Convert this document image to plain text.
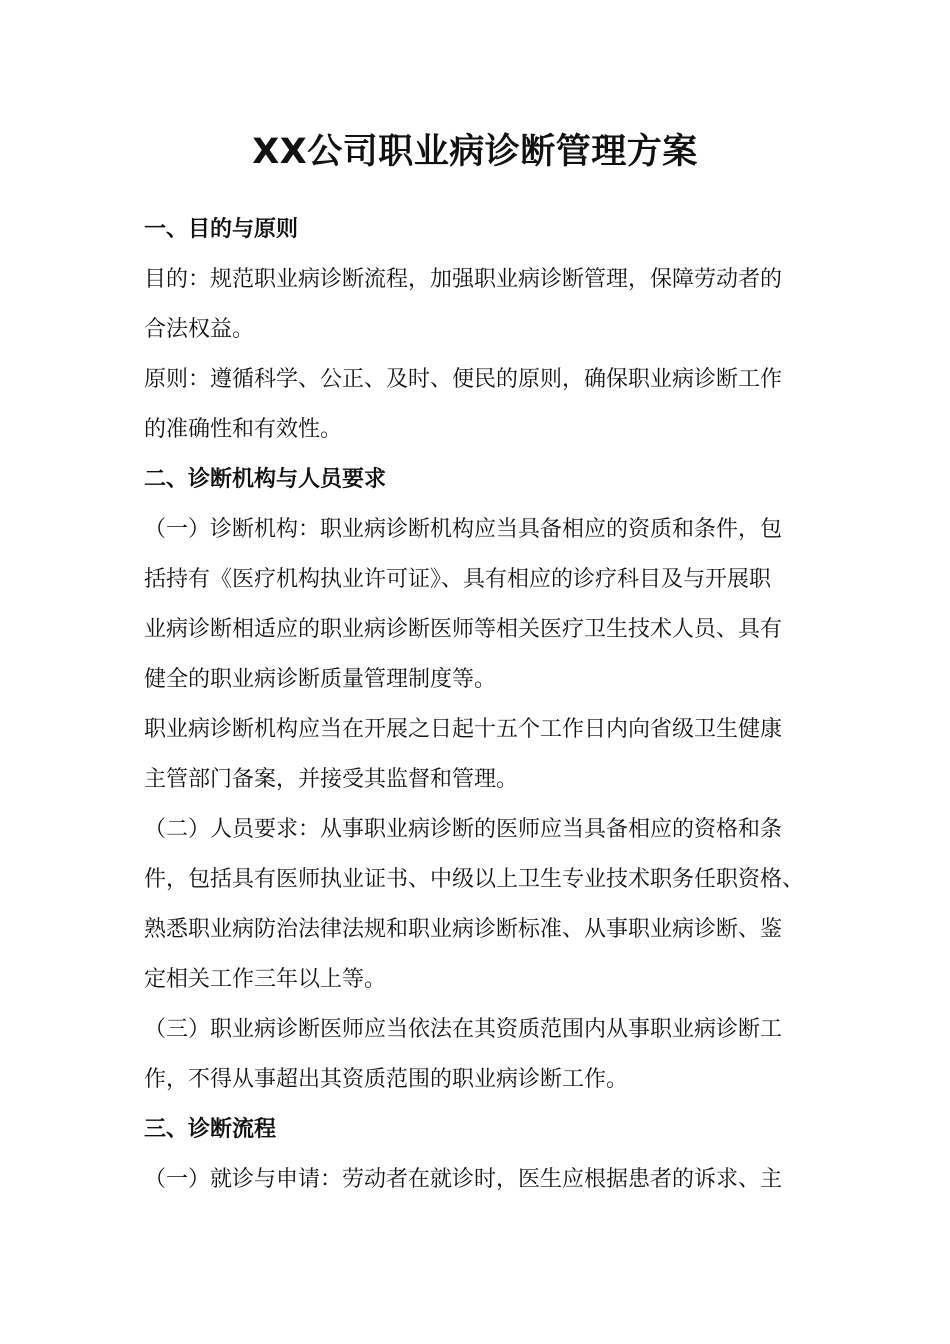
XX公司职业病诊断管理方案
一、目的与原则
目的：规范职业病诊断流程，加强职业病诊断管理，保障劳动者的
合法权益。
原则：遵循科学、公正、及时、便民的原则，确保职业病诊断工作
的准确性和有效性。
二、诊断机构与人员要求
（一）诊断机构：职业病诊断机构应当具备相应的资质和条件，包
括持有《医疗机构执业许可证》、具有相应的诊疗科目及与开展职
业病诊断相适应的职业病诊断医师等相关医疗卫生技术人员、具有
健全的职业病诊断质量管理制度等。
职业病诊断机构应当在开展之日起十五个工作日内向省级卫生健康
主管部门备案，并接受其监督和管理。
（二）人员要求：从事职业病诊断的医师应当具备相应的资格和条
件，包括具有医师执业证书、中级以上卫生专业技术职务任职资格、
熟悉职业病防治法律法规和职业病诊断标准、从事职业病诊断、鉴
定相关工作三年以上等。
（三）职业病诊断医师应当依法在其资质范围内从事职业病诊断工
作，不得从事超出其资质范围的职业病诊断工作。
三、诊断流程
（一）就诊与申请：劳动者在就诊时，医生应根据患者的诉求、主
